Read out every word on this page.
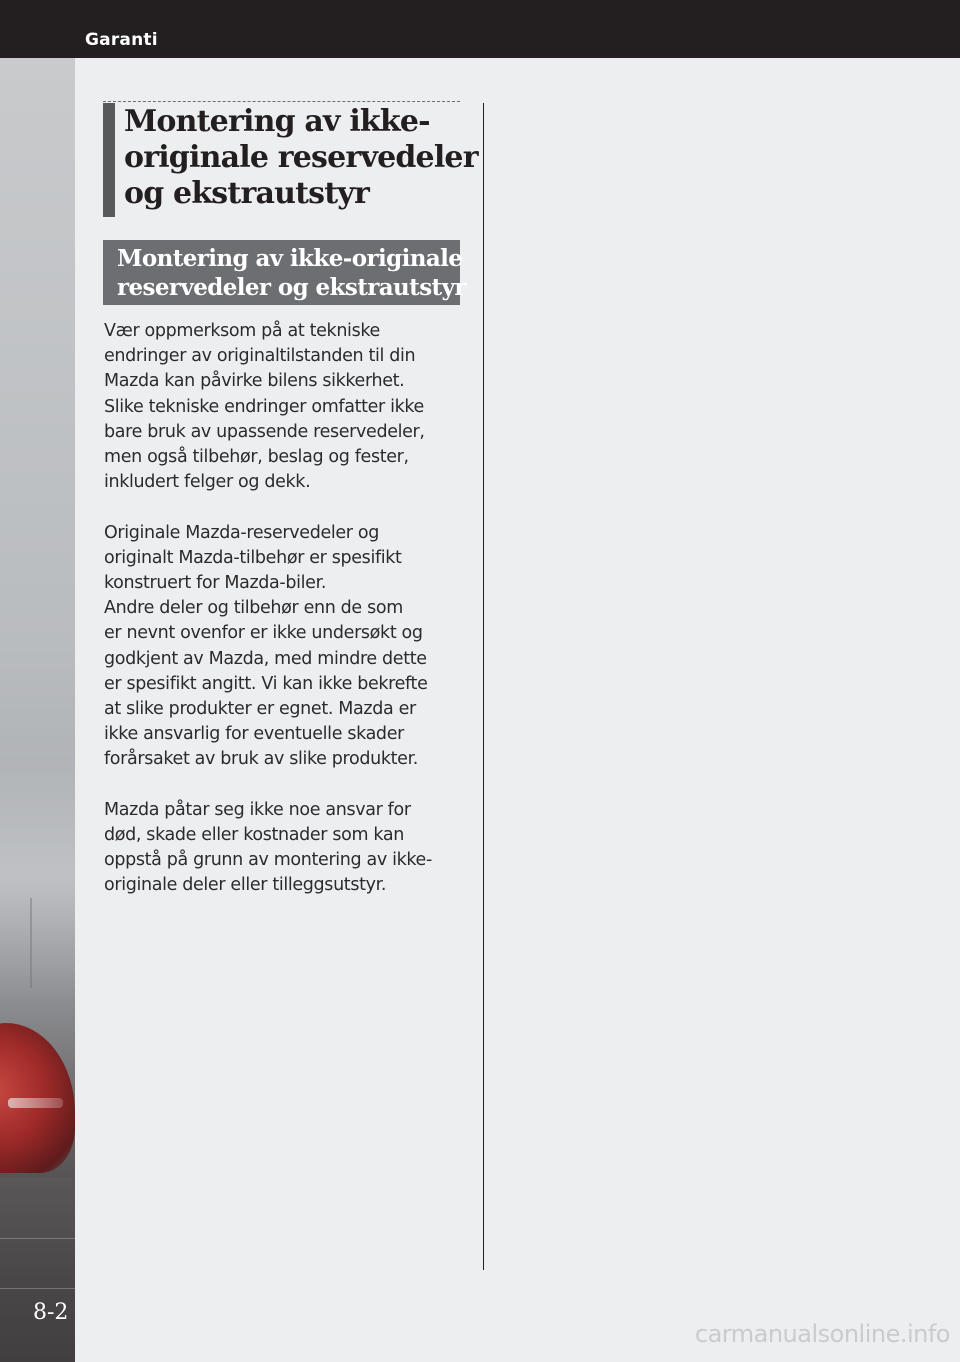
Garanti
8-2
Montering av ikke-
originale reservedeler
og ekstrautstyr
Montering av ikke-originale
reservedeler og ekstrautstyr

Vær oppmerksom på at tekniske
endringer av originaltilstanden til din
Mazda kan påvirke bilens sikkerhet.
Slike tekniske endringer omfatter ikke
bare bruk av upassende reservedeler,
men også tilbehør, beslag og fester,
inkludert felger og dekk.

Originale Mazda-reservedeler og
originalt Mazda-tilbehør er spesifikt
konstruert for Mazda-biler.
Andre deler og tilbehør enn de som
er nevnt ovenfor er ikke undersøkt og
godkjent av Mazda, med mindre dette
er spesifikt angitt. Vi kan ikke bekrefte
at slike produkter er egnet. Mazda er
ikke ansvarlig for eventuelle skader
forårsaket av bruk av slike produkter.

Mazda påtar seg ikke noe ansvar for
død, skade eller kostnader som kan
oppstå på grunn av montering av ikke-
originale deler eller tilleggsutstyr.

carmanualsonline.info
